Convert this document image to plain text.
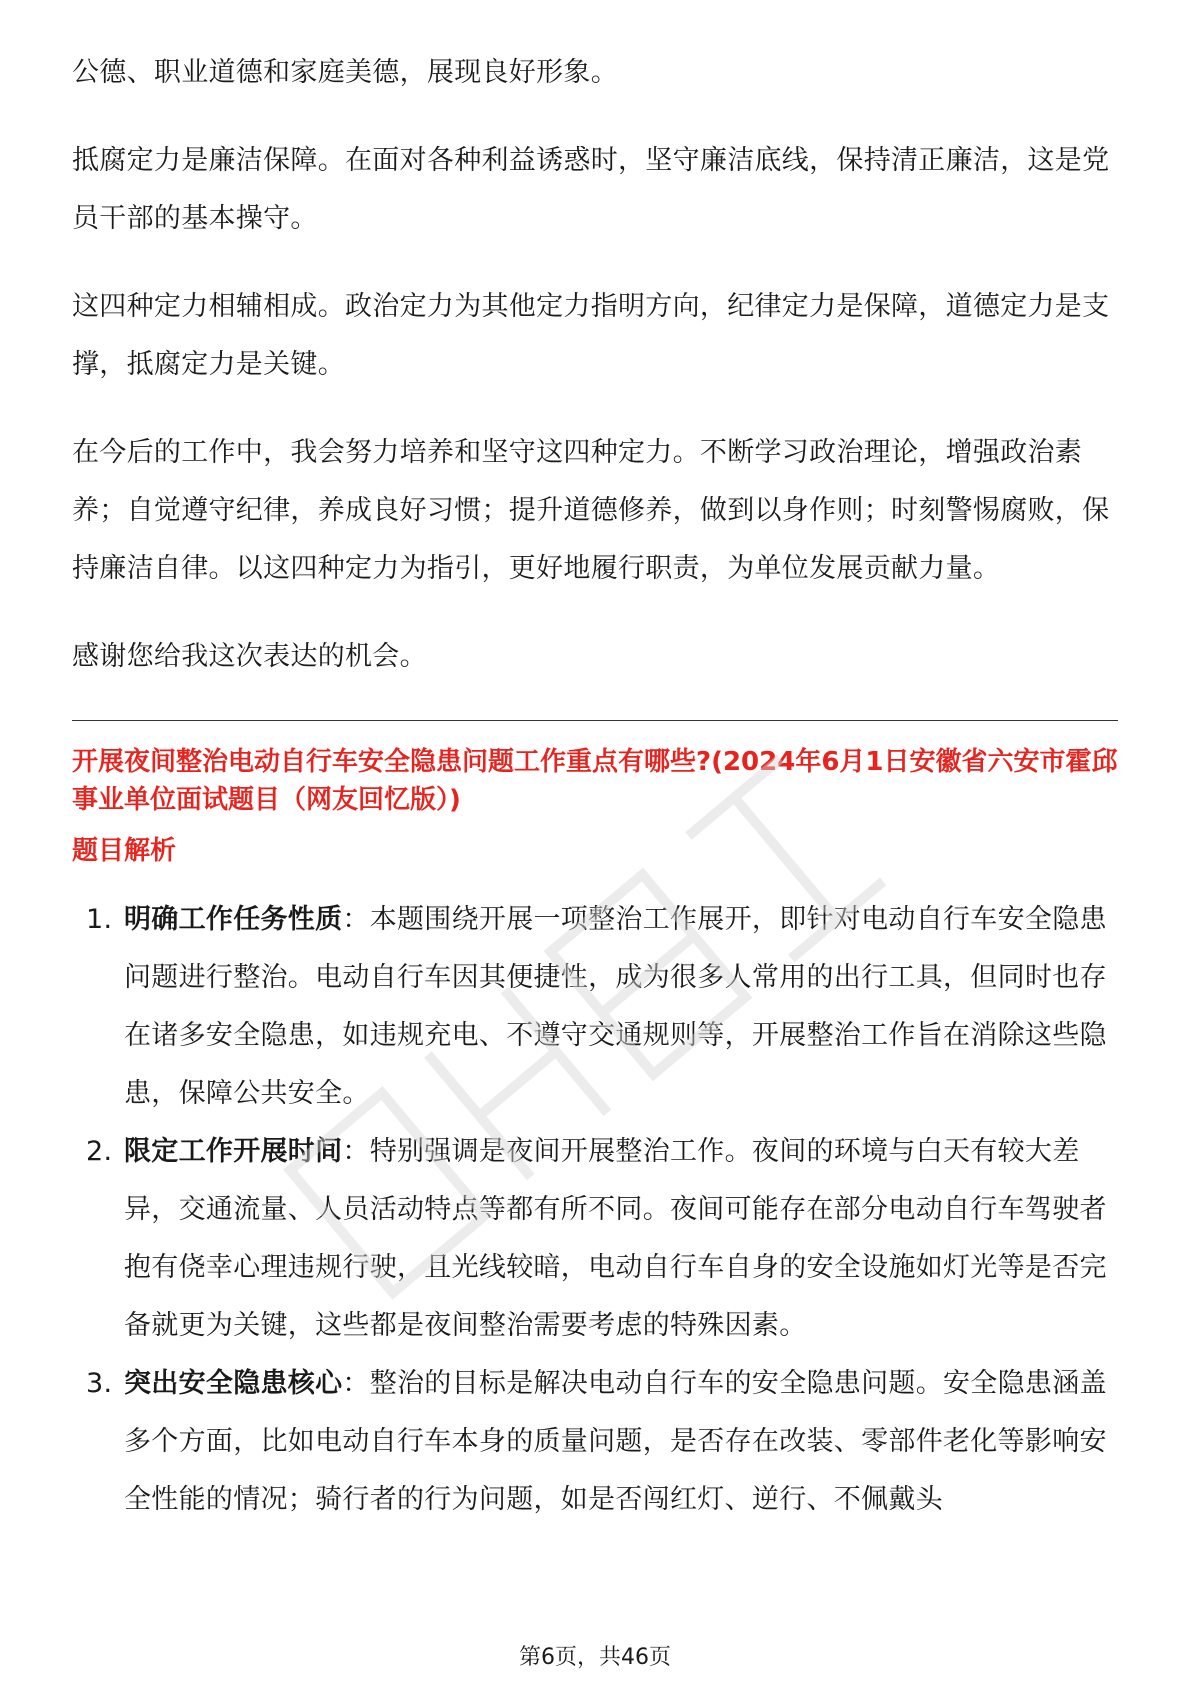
公德、职业道德和家庭美德，展现良好形象。

抵腐定力是廉洁保障。在面对各种利益诱惑时，坚守廉洁底线，保持清正廉洁，这是党员干部的基本操守。

这四种定力相辅相成。政治定力为其他定力指明方向，纪律定力是保障，道德定力是支撑，抵腐定力是关键。

在今后的工作中，我会努力培养和坚守这四种定力。不断学习政治理论，增强政治素养；自觉遵守纪律，养成良好习惯；提升道德修养，做到以身作则；时刻警惕腐败，保持廉洁自律。以这四种定力为指引，更好地履行职责，为单位发展贡献力量。

感谢您给我这次表达的机会。

开展夜间整治电动自行车安全隐患问题工作重点有哪些?(2024年6月1日安徽省六安市霍邱事业单位面试题目（网友回忆版）)
题目解析
1. 明确工作任务性质：本题围绕开展一项整治工作展开，即针对电动自行车安全隐患问题进行整治。电动自行车因其便捷性，成为很多人常用的出行工具，但同时也存在诸多安全隐患，如违规充电、不遵守交通规则等，开展整治工作旨在消除这些隐患，保障公共安全。
2. 限定工作开展时间：特别强调是夜间开展整治工作。夜间的环境与白天有较大差异，交通流量、人员活动特点等都有所不同。夜间可能存在部分电动自行车驾驶者抱有侥幸心理违规行驶，且光线较暗，电动自行车自身的安全设施如灯光等是否完备就更为关键，这些都是夜间整治需要考虑的特殊因素。
3. 突出安全隐患核心：整治的目标是解决电动自行车的安全隐患问题。安全隐患涵盖多个方面，比如电动自行车本身的质量问题，是否存在改装、零部件老化等影响安全性能的情况；骑行者的行为问题，如是否闯红灯、逆行、不佩戴头
第6页，共46页
